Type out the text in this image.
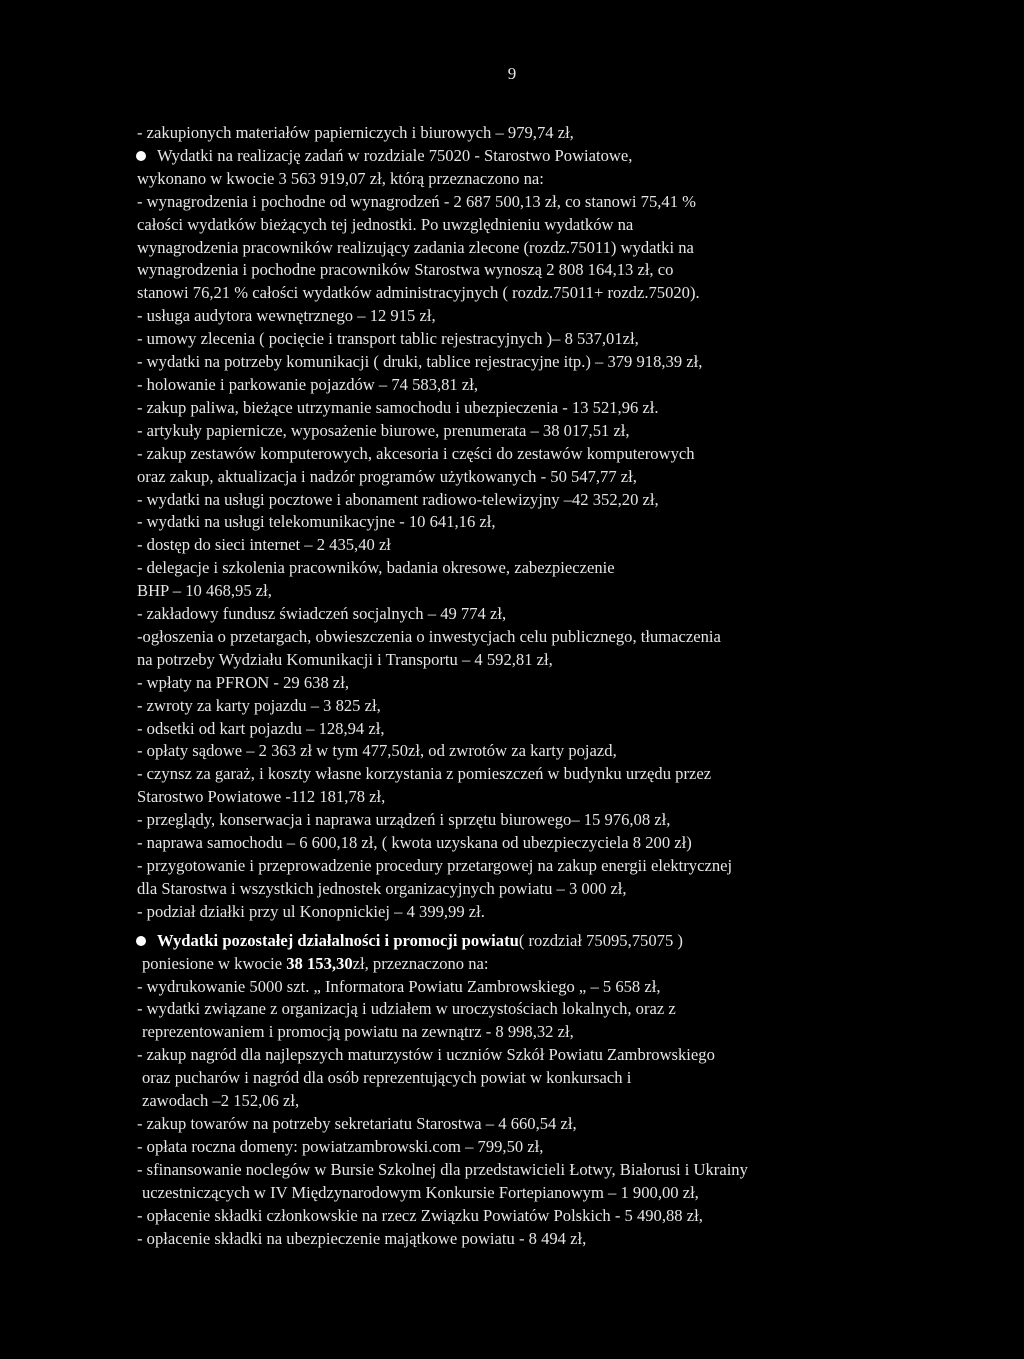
9
- zakupionych materiałów papierniczych i biurowych – 979,74 zł,
Wydatki na realizację zadań w rozdziale 75020 - Starostwo Powiatowe,
wykonano w kwocie 3 563 919,07 zł, którą przeznaczono na:
- wynagrodzenia i pochodne od wynagrodzeń - 2 687 500,13 zł, co stanowi 75,41 %
całości wydatków bieżących tej jednostki. Po uwzględnieniu wydatków na
wynagrodzenia pracowników realizujący zadania zlecone (rozdz.75011) wydatki na
wynagrodzenia i pochodne pracowników Starostwa wynoszą 2 808 164,13 zł, co
stanowi 76,21 % całości wydatków administracyjnych ( rozdz.75011+ rozdz.75020).
- usługa audytora wewnętrznego – 12 915 zł,
- umowy zlecenia ( pocięcie i transport tablic rejestracyjnych )– 8 537,01zł,
- wydatki na potrzeby komunikacji ( druki, tablice rejestracyjne itp.) – 379 918,39 zł,
- holowanie i parkowanie pojazdów – 74 583,81 zł,
- zakup paliwa, bieżące utrzymanie samochodu i ubezpieczenia - 13 521,96 zł.
- artykuły papiernicze, wyposażenie biurowe, prenumerata – 38 017,51 zł,
- zakup zestawów komputerowych, akcesoria i części do zestawów komputerowych
oraz zakup, aktualizacja i nadzór programów użytkowanych - 50 547,77 zł,
- wydatki na usługi pocztowe i abonament radiowo-telewizyjny –42 352,20 zł,
- wydatki na usługi telekomunikacyjne - 10 641,16 zł,
- dostęp do sieci internet – 2 435,40 zł
- delegacje i szkolenia pracowników, badania okresowe, zabezpieczenie
BHP – 10 468,95 zł,
- zakładowy fundusz świadczeń socjalnych – 49 774 zł,
-ogłoszenia o przetargach, obwieszczenia o inwestycjach celu publicznego, tłumaczenia
na potrzeby Wydziału Komunikacji i Transportu – 4 592,81 zł,
- wpłaty na PFRON - 29 638 zł,
- zwroty za karty pojazdu – 3 825 zł,
- odsetki od kart pojazdu – 128,94 zł,
- opłaty sądowe – 2 363 zł w tym 477,50zł, od zwrotów za karty pojazd,
- czynsz za garaż, i koszty własne korzystania z pomieszczeń w budynku urzędu przez
Starostwo Powiatowe -112 181,78 zł,
- przeglądy, konserwacja i naprawa urządzeń i sprzętu biurowego– 15 976,08 zł,
- naprawa samochodu – 6 600,18 zł, ( kwota uzyskana od ubezpieczyciela 8 200 zł)
- przygotowanie i przeprowadzenie procedury przetargowej na zakup energii elektrycznej
dla Starostwa i wszystkich jednostek organizacyjnych powiatu – 3 000 zł,
- podział działki przy ul Konopnickiej – 4 399,99 zł.
Wydatki pozostałej działalności i promocji powiatu( rozdział 75095,75075 )
poniesione w kwocie 38 153,30zł, przeznaczono na:
- wydrukowanie 5000 szt. „ Informatora Powiatu Zambrowskiego „ – 5 658 zł,
- wydatki związane z organizacją i udziałem w uroczystościach lokalnych, oraz z
reprezentowaniem i promocją powiatu na zewnątrz - 8 998,32 zł,
- zakup nagród dla najlepszych maturzystów i uczniów Szkół Powiatu Zambrowskiego
oraz pucharów i nagród dla osób reprezentujących powiat w konkursach i
zawodach –2 152,06 zł,
- zakup towarów na potrzeby sekretariatu Starostwa – 4 660,54 zł,
- opłata roczna domeny: powiatzambrowski.com – 799,50 zł,
- sfinansowanie noclegów w Bursie Szkolnej dla przedstawicieli Łotwy, Białorusi i Ukrainy
uczestniczących w IV Międzynarodowym Konkursie Fortepianowym – 1 900,00 zł,
- opłacenie składki członkowskie na rzecz Związku Powiatów Polskich - 5 490,88 zł,
- opłacenie składki na ubezpieczenie majątkowe powiatu - 8 494 zł,
